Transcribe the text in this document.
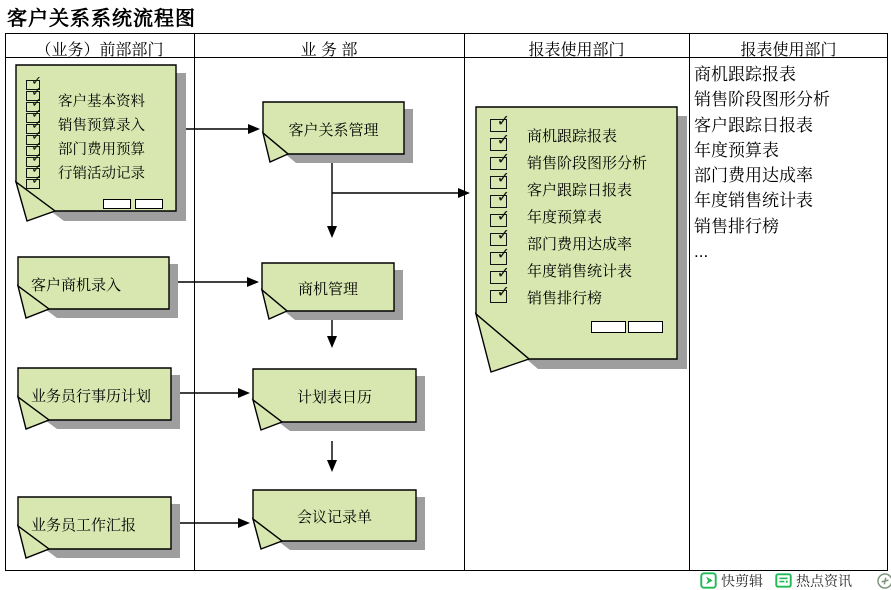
客户关系系统流程图
（业务）前部部门	业 务 部	报表使用部门	报表使用部门
✓
✓
✓
✓
✓
✓
✓
✓
✓
✓
客户基本资料
销售预算录入
部门费用预算
行销活动记录
客户商机录入
业务员行事历计划
业务员工作汇报
客户关系管理
商机管理
计划表日历
会议记录单
✓
✓
✓
✓
✓
✓
✓
✓
✓
✓
商机跟踪报表
销售阶段图形分析
客户跟踪日报表
年度预算表
部门费用达成率
年度销售统计表
销售排行榜
商机跟踪报表
销售阶段图形分析
客户跟踪日报表
年度预算表
部门费用达成率
年度销售统计表
销售排行榜
...
快剪辑 热点资讯
